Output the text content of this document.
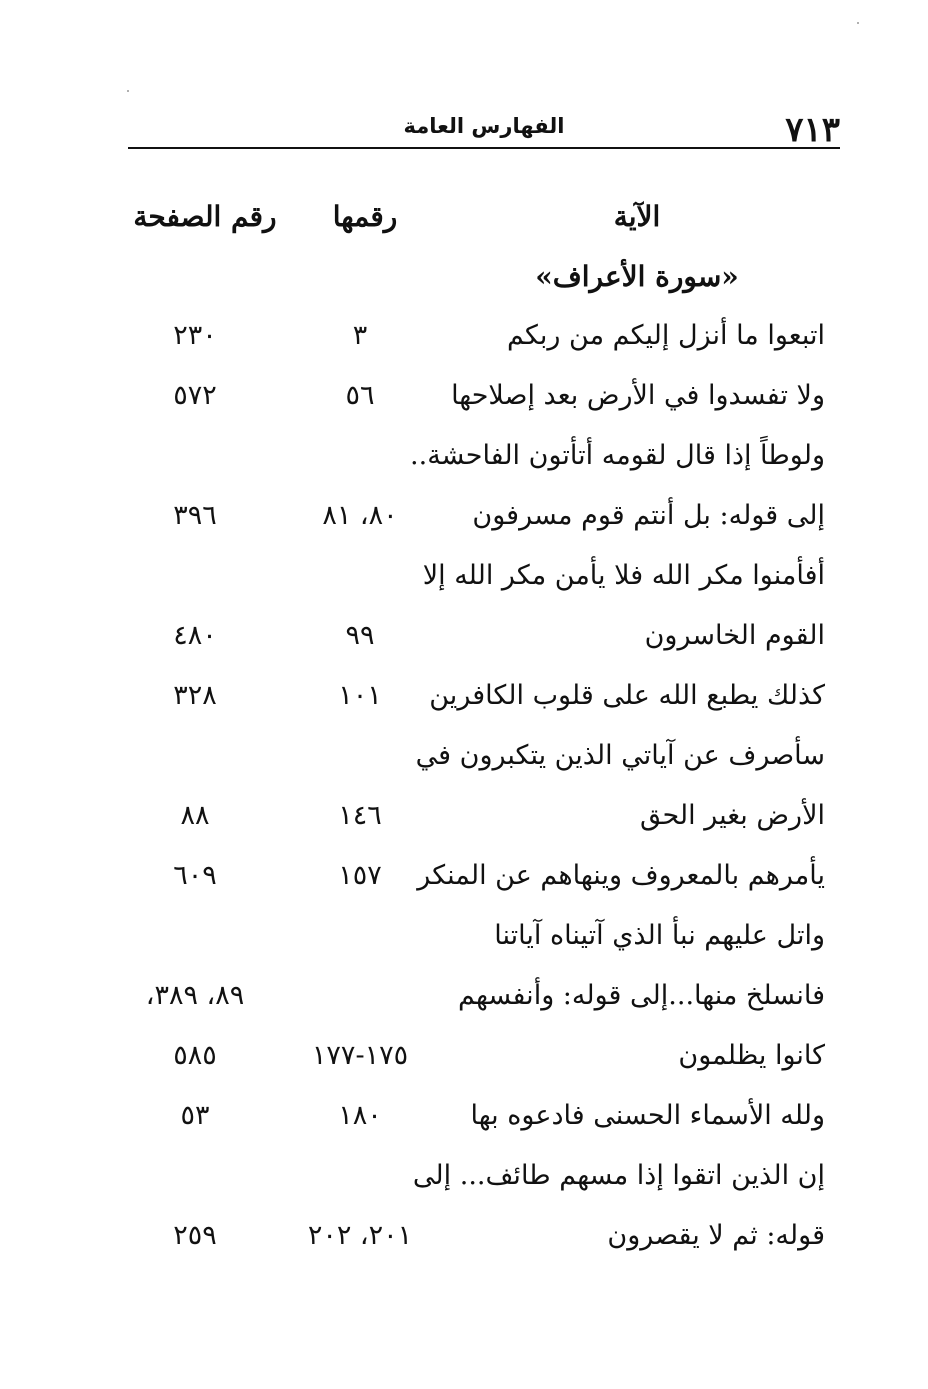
٧١٣
الفهارس العامة
الآية
رقمها
رقم الصفحة
«سورة الأعراف»
اتبعوا ما أنزل إليكم من ربكم
٣
٢٣٠
ولا تفسدوا في الأرض بعد إصلاحها
٥٦
٥٧٢
ولوطاً إذا قال لقومه أتأتون الفاحشة..
إلى قوله: بل أنتم قوم مسرفون
٨٠، ٨١
٣٩٦
أفأمنوا مكر الله فلا يأمن مكر الله إلا
القوم الخاسرون
٩٩
٤٨٠
كذلك يطبع الله على قلوب الكافرين
١٠١
٣٢٨
سأصرف عن آياتي الذين يتكبرون في
الأرض بغير الحق
١٤٦
٨٨
يأمرهم بالمعروف وينهاهم عن المنكر
١٥٧
٦٠٩
واتل عليهم نبأ الذي آتيناه آياتنا
فانسلخ منها...إلى قوله: وأنفسهم
٨٩، ٣٨٩،
كانوا يظلمون
١٧٥-١٧٧
٥٨٥
ولله الأسماء الحسنى فادعوه بها
١٨٠
٥٣
إن الذين اتقوا إذا مسهم طائف... إلى
قوله: ثم لا يقصرون
٢٠١، ٢٠٢
٢٥٩
